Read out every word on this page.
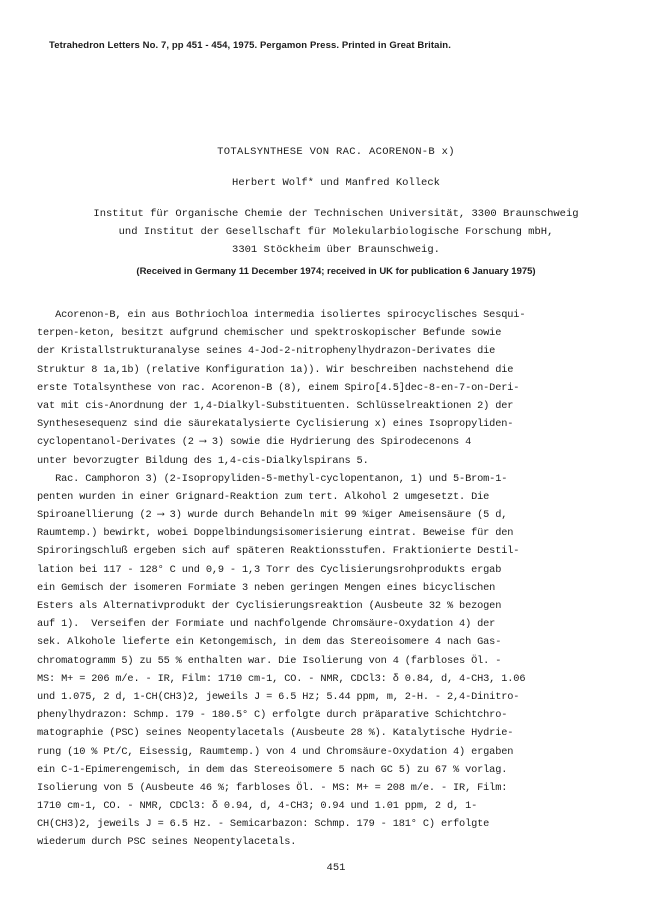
Tetrahedron Letters No. 7, pp 451 - 454, 1975. Pergamon Press. Printed in Great Britain.
TOTALSYNTHESE VON RAC. ACORENON-B x)
Herbert Wolf* und Manfred Kolleck
Institut für Organische Chemie der Technischen Universität, 3300 Braunschweig
und Institut der Gesellschaft für Molekularbiologische Forschung mbH,
3301 Stöckheim über Braunschweig.
(Received in Germany 11 December 1974; received in UK for publication 6 January 1975)
Acorenon-B, ein aus Bothriochloa intermedia isoliertes spirocyclisches Sesqui-
terpen-keton, besitzt aufgrund chemischer und spektroskopischer Befunde sowie
der Kristallstrukturanalyse seines 4-Jod-2-nitrophenylhydrazon-Derivates die
Struktur 8 1a,1b) (relative Konfiguration 1a)). Wir beschreiben nachstehend die
erste Totalsynthese von rac. Acorenon-B (8), einem Spiro[4.5]dec-8-en-7-on-Deri-
vat mit cis-Anordnung der 1,4-Dialkyl-Substituenten. Schlüsselreaktionen 2) der
Synthesesequenz sind die säurekatalysierte Cyclisierung x) eines Isopropyliden-
cyclopentanol-Derivates (2 ⟶ 3) sowie die Hydrierung des Spirodecenons 4
unter bevorzugter Bildung des 1,4-cis-Dialkylspirans 5.
Rac. Camphoron 3) (2-Isopropyliden-5-methyl-cyclopentanon, 1) und 5-Brom-1-
penten wurden in einer Grignard-Reaktion zum tert. Alkohol 2 umgesetzt. Die
Spiroanellierung (2 ⟶ 3) wurde durch Behandeln mit 99 %iger Ameisensäure (5 d,
Raumtemp.) bewirkt, wobei Doppelbindungsisomerisierung eintrat. Beweise für den
Spiroringschluß ergeben sich auf späteren Reaktionsstufen. Fraktionierte Destil-
lation bei 117 - 128° C und 0,9 - 1,3 Torr des Cyclisierungsrohprodukts ergab
ein Gemisch der isomeren Formiate 3 neben geringen Mengen eines bicyclischen
Esters als Alternativprodukt der Cyclisierungsreaktion (Ausbeute 32 % bezogen
auf 1).  Verseifen der Formiate und nachfolgende Chromsäure-Oxydation 4) der
sek. Alkohole lieferte ein Ketongemisch, in dem das Stereoisomere 4 nach Gas-
chromatogramm 5) zu 55 % enthalten war. Die Isolierung von 4 (farbloses Öl. -
MS: M+ = 206 m/e. - IR, Film: 1710 cm-1, CO. - NMR, CDCl3: δ 0.84, d, 4-CH3, 1.06
und 1.075, 2 d, 1-CH(CH3)2, jeweils J = 6.5 Hz; 5.44 ppm, m, 2-H. - 2,4-Dinitro-
phenylhydrazon: Schmp. 179 - 180.5° C) erfolgte durch präparative Schichtchro-
matographie (PSC) seines Neopentylacetals (Ausbeute 28 %). Katalytische Hydrie-
rung (10 % Pt/C, Eisessig, Raumtemp.) von 4 und Chromsäure-Oxydation 4) ergaben
ein C-1-Epimerengemisch, in dem das Stereoisomere 5 nach GC 5) zu 67 % vorlag.
Isolierung von 5 (Ausbeute 46 %; farbloses Öl. - MS: M+ = 208 m/e. - IR, Film:
1710 cm-1, CO. - NMR, CDCl3: δ 0.94, d, 4-CH3; 0.94 und 1.01 ppm, 2 d, 1-
CH(CH3)2, jeweils J = 6.5 Hz. - Semicarbazon: Schmp. 179 - 181° C) erfolgte
wiederum durch PSC seines Neopentylacetals.
451
